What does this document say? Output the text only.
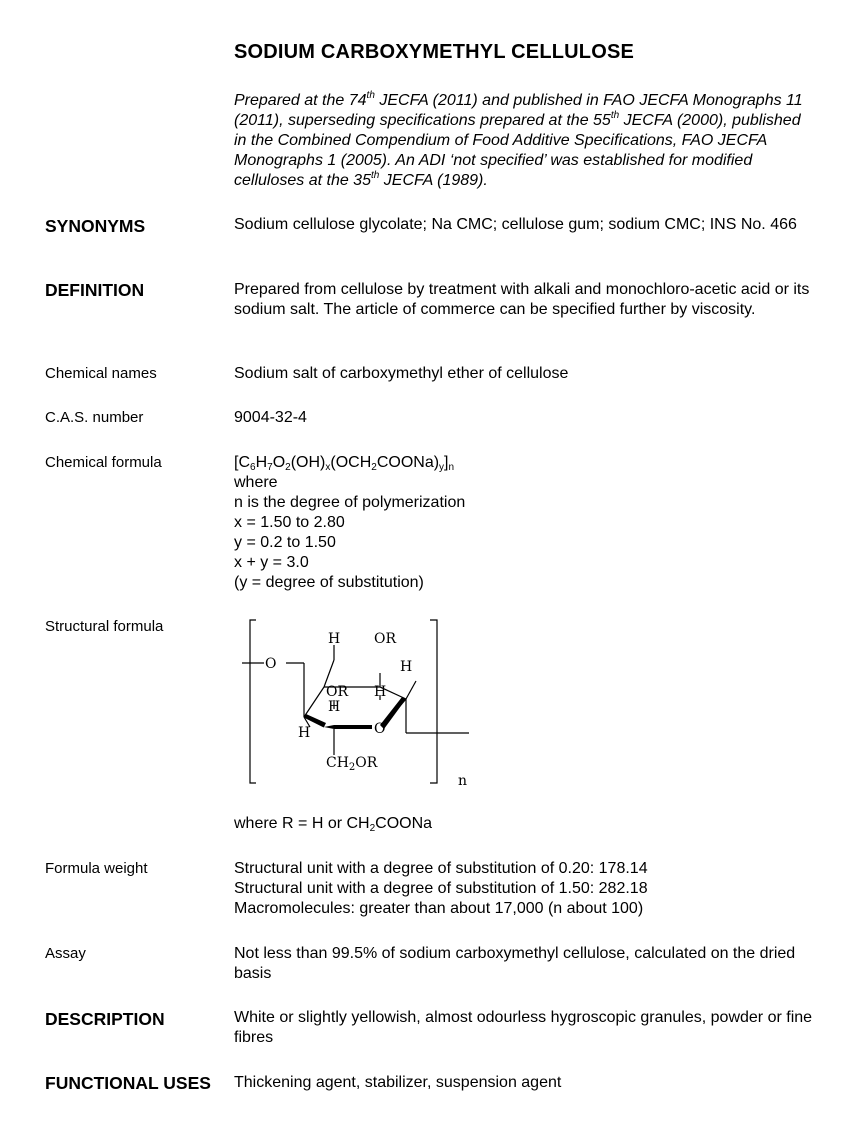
SODIUM CARBOXYMETHYL CELLULOSE
Prepared at the 74th JECFA (2011) and published in FAO JECFA Monographs 11 (2011), superseding specifications prepared at the 55th JECFA (2000), published in the Combined Compendium of Food Additive Specifications, FAO JECFA Monographs 1 (2005). An ADI ‘not specified’ was established for modified celluloses at the 35th JECFA (1989).
SYNONYMS	Sodium cellulose glycolate; Na CMC; cellulose gum; sodium CMC; INS No. 466
DEFINITION	Prepared from cellulose by treatment with alkali and monochloro-acetic acid or its sodium salt. The article of commerce can be specified further by viscosity.
Chemical names	Sodium salt of carboxymethyl ether of cellulose
C.A.S. number	9004-32-4
Chemical formula	$[C_6H_7O_2(OH)_x(OCH_2COONa)_y]_n$
where
n is the degree of polymerization
x = 1.50 to 2.80
y = 0.2 to 1.50
x + y = 3.0
(y = degree of substitution)
Structural formula
O
H OR
H
OR H
H
H	O
$CH_2OR$
n
where R = H or $CH_2COONa$
Formula weight	Structural unit with a degree of substitution of 0.20: 178.14
Structural unit with a degree of substitution of 1.50: 282.18
Macromolecules: greater than about 17,000 (n about 100)
Assay	Not less than 99.5% of sodium carboxymethyl cellulose, calculated on the dried basis
DESCRIPTION	White or slightly yellowish, almost odourless hygroscopic granules, powder or fine fibres
FUNCTIONAL USES Thickening agent, stabilizer, suspension agent
